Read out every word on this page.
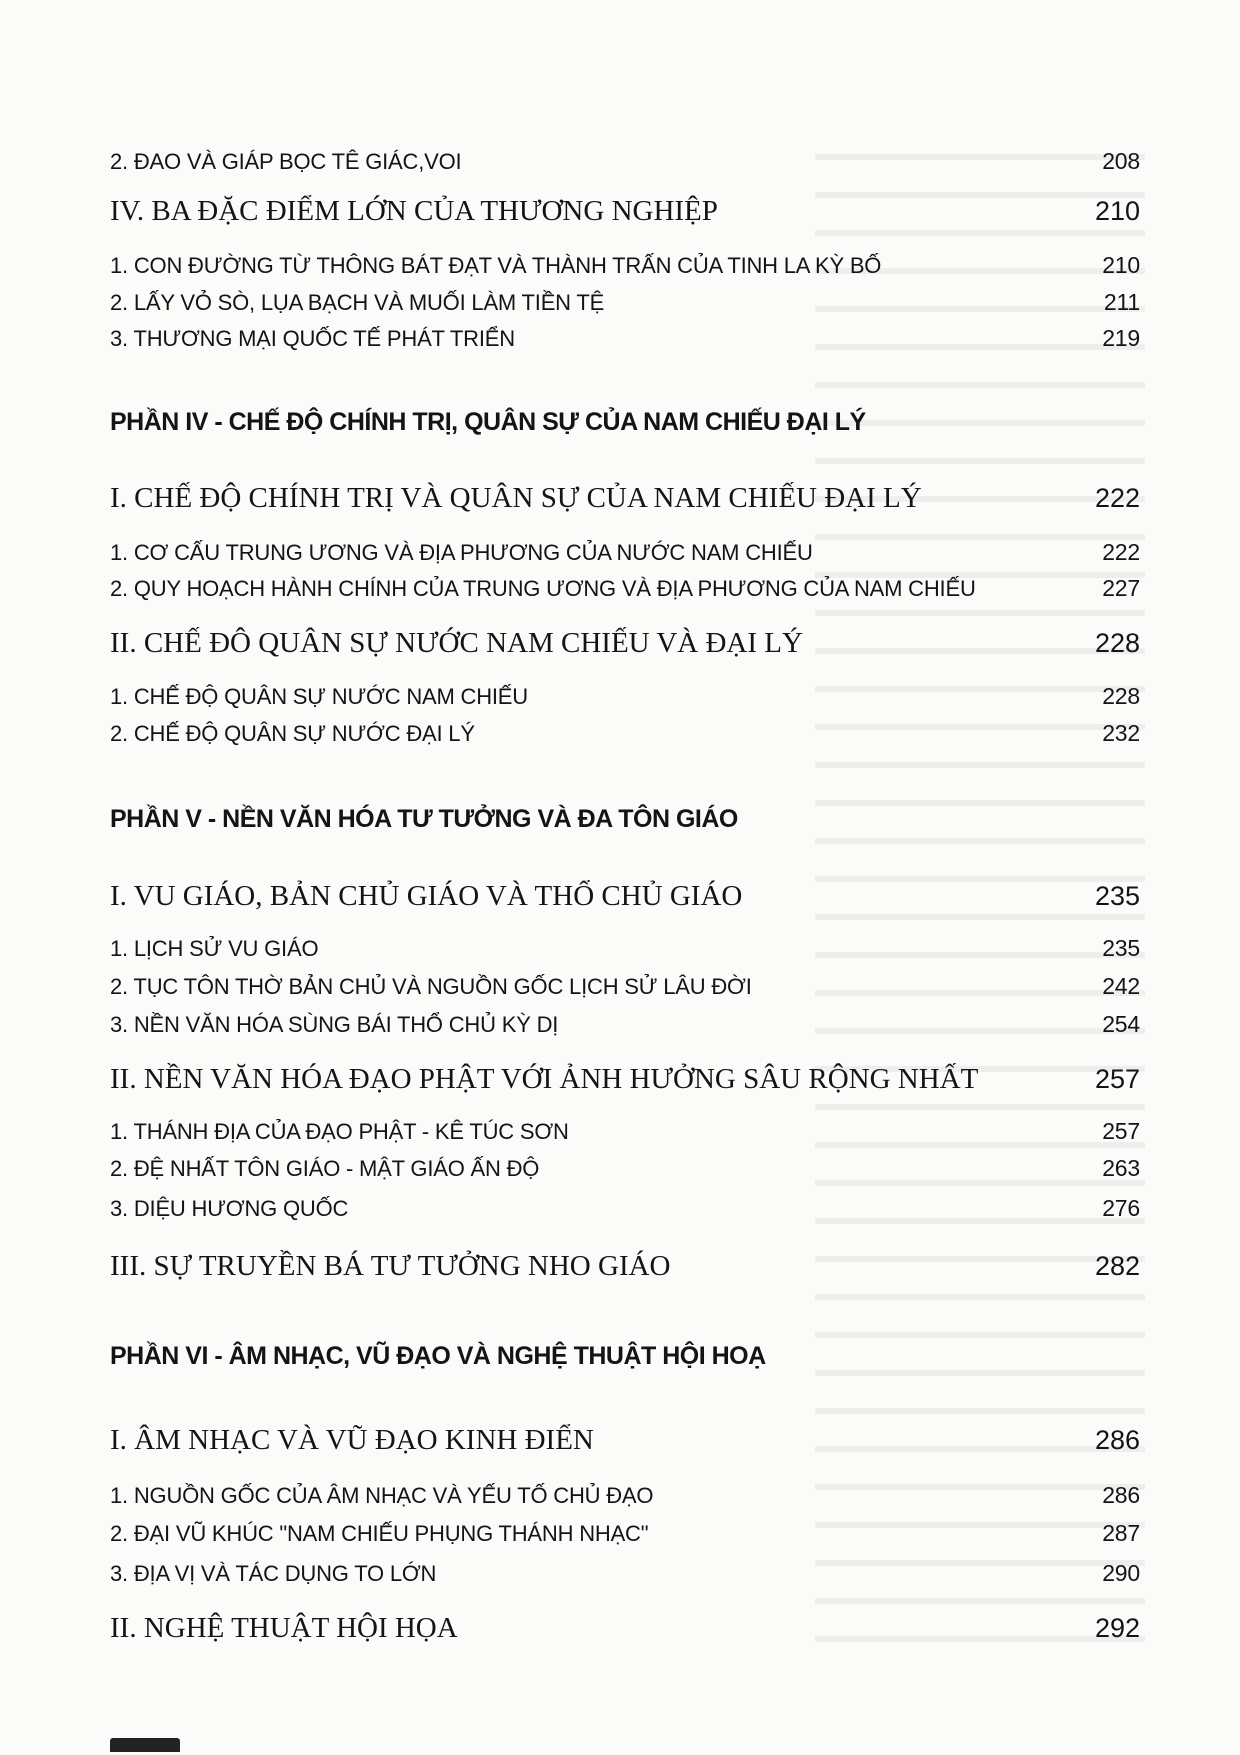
2. ĐAO VÀ GIÁP BỌC TÊ GIÁC,VOI	208
IV. BA ĐẶC ĐIỂM LỚN CỦA THƯƠNG NGHIỆP	210
1. CON ĐƯỜNG TỪ THÔNG BÁT ĐẠT VÀ THÀNH TRẤN CỦA TINH LA KỲ BỐ	210
2. LẤY VỎ SÒ, LỤA BẠCH VÀ MUỐI LÀM TIỀN TỆ	211
3. THƯƠNG MẠI QUỐC TẾ PHÁT TRIỂN	219
PHẦN IV - CHẾ ĐỘ CHÍNH TRỊ, QUÂN SỰ CỦA NAM CHIẾU ĐẠI LÝ
I. CHẾ ĐỘ CHÍNH TRỊ VÀ QUÂN SỰ CỦA NAM CHIẾU ĐẠI LÝ	222
1. CƠ CẤU TRUNG ƯƠNG VÀ ĐỊA PHƯƠNG CỦA NƯỚC NAM CHIẾU	222
2. QUY HOẠCH HÀNH CHÍNH CỦA TRUNG ƯƠNG VÀ ĐỊA PHƯƠNG CỦA NAM CHIẾU	227
II. CHẾ ĐÔ QUÂN SỰ NƯỚC NAM CHIẾU VÀ ĐẠI LÝ	228
1. CHẾ ĐỘ QUÂN SỰ NƯỚC NAM CHIẾU	228
2. CHẾ ĐỘ QUÂN SỰ NƯỚC ĐẠI LÝ	232
PHẦN V - NỀN VĂN HÓA TƯ TƯỞNG VÀ ĐA TÔN GIÁO
I. VU GIÁO, BẢN CHỦ GIÁO VÀ THỔ CHỦ GIÁO	235
1. LỊCH SỬ VU GIÁO	235
2. TỤC TÔN THỜ BẢN CHỦ VÀ NGUỒN GỐC LỊCH SỬ LÂU ĐỜI	242
3. NỀN VĂN HÓA SÙNG BÁI THỔ CHỦ KỲ DỊ	254
II. NỀN VĂN HÓA ĐẠO PHẬT VỚI ẢNH HƯỞNG SÂU RỘNG NHẤT	257
1. THÁNH ĐỊA CỦA ĐẠO PHẬT - KÊ TÚC SƠN	257
2. ĐỆ NHẤT TÔN GIÁO - MẬT GIÁO ẤN ĐỘ	263
3. DIỆU HƯƠNG QUỐC	276
III. SỰ TRUYỀN BÁ TƯ TƯỞNG NHO GIÁO	282
PHẦN VI - ÂM NHẠC, VŨ ĐẠO VÀ NGHỆ THUẬT HỘI HOẠ
I. ÂM NHẠC VÀ VŨ ĐẠO KINH ĐIỂN	286
1. NGUỒN GỐC CỦA ÂM NHẠC VÀ YẾU TỐ CHỦ ĐẠO	286
2. ĐẠI VŨ KHÚC "NAM CHIẾU PHỤNG THÁNH NHẠC"	287
3. ĐỊA VỊ VÀ TÁC DỤNG TO LỚN	290
II. NGHỆ THUẬT HỘI HỌA	292
